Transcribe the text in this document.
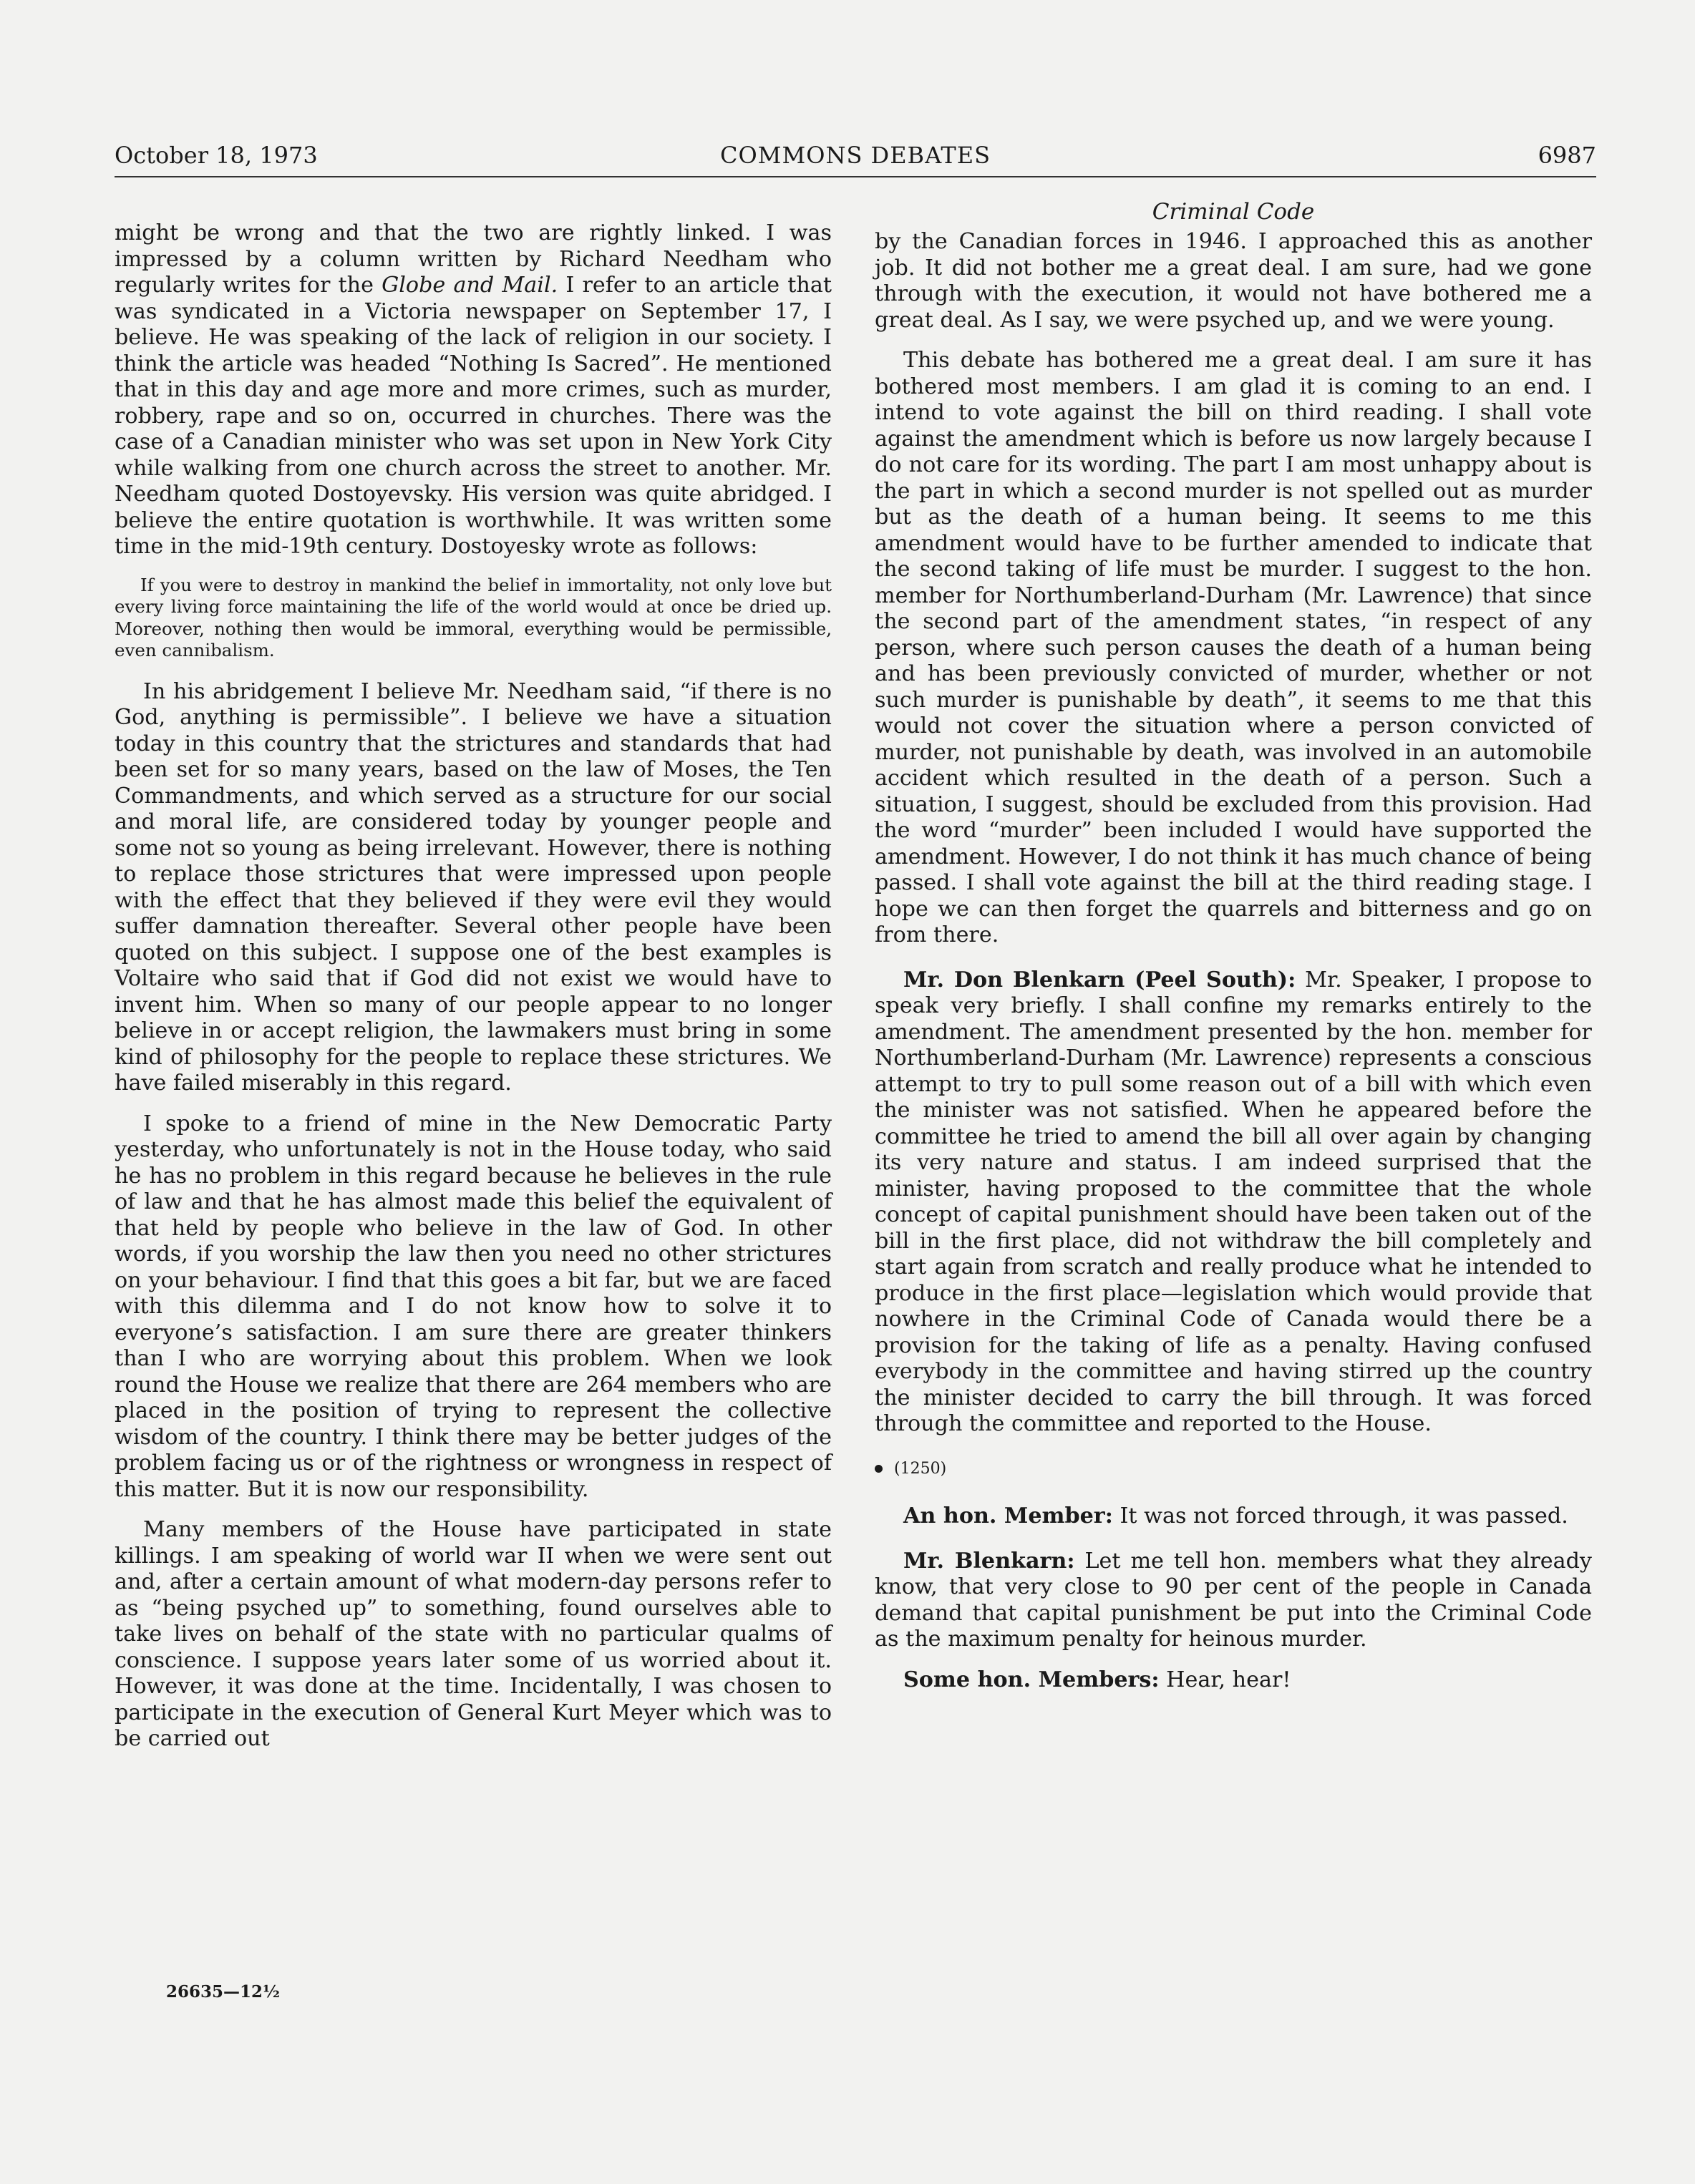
October 18, 1973	COMMONS DEBATES	6987

might be wrong and that the two are rightly linked. I was impressed by a column written by Richard Needham who regularly writes for the Globe and Mail. I refer to an article that was syndicated in a Victoria newspaper on September 17, I believe. He was speaking of the lack of religion in our society. I think the article was headed “Nothing Is Sacred”. He mentioned that in this day and age more and more crimes, such as murder, robbery, rape and so on, occurred in churches. There was the case of a Canadian minister who was set upon in New York City while walking from one church across the street to another. Mr. Needham quoted Dostoyevsky. His version was quite abridged. I believe the entire quotation is worthwhile. It was written some time in the mid-19th century. Dostoyesky wrote as follows:

If you were to destroy in mankind the belief in immortality, not only love but every living force maintaining the life of the world would at once be dried up. Moreover, nothing then would be immoral, everything would be permissible, even cannibalism.

In his abridgement I believe Mr. Needham said, “if there is no God, anything is permissible”. I believe we have a situation today in this country that the strictures and standards that had been set for so many years, based on the law of Moses, the Ten Commandments, and which served as a structure for our social and moral life, are considered today by younger people and some not so young as being irrelevant. However, there is nothing to replace those strictures that were impressed upon people with the effect that they believed if they were evil they would suffer damnation thereafter. Several other people have been quoted on this subject. I suppose one of the best examples is Voltaire who said that if God did not exist we would have to invent him. When so many of our people appear to no longer believe in or accept religion, the lawmakers must bring in some kind of philosophy for the people to replace these strictures. We have failed miserably in this regard.

I spoke to a friend of mine in the New Democratic Party yesterday, who unfortunately is not in the House today, who said he has no problem in this regard because he believes in the rule of law and that he has almost made this belief the equivalent of that held by people who believe in the law of God. In other words, if you worship the law then you need no other strictures on your behaviour. I find that this goes a bit far, but we are faced with this dilemma and I do not know how to solve it to everyone’s satisfaction. I am sure there are greater thinkers than I who are worrying about this problem. When we look round the House we realize that there are 264 members who are placed in the position of trying to represent the collective wisdom of the country. I think there may be better judges of the problem facing us or of the rightness or wrongness in respect of this matter. But it is now our responsibility.

Many members of the House have participated in state killings. I am speaking of world war II when we were sent out and, after a certain amount of what modern-day persons refer to as “being psyched up” to something, found ourselves able to take lives on behalf of the state with no particular qualms of conscience. I suppose years later some of us worried about it. However, it was done at the time. Incidentally, I was chosen to participate in the execution of General Kurt Meyer which was to be carried out

Criminal Code

by the Canadian forces in 1946. I approached this as another job. It did not bother me a great deal. I am sure, had we gone through with the execution, it would not have bothered me a great deal. As I say, we were psyched up, and we were young.

This debate has bothered me a great deal. I am sure it has bothered most members. I am glad it is coming to an end. I intend to vote against the bill on third reading. I shall vote against the amendment which is before us now largely because I do not care for its wording. The part I am most unhappy about is the part in which a second murder is not spelled out as murder but as the death of a human being. It seems to me this amendment would have to be further amended to indicate that the second taking of life must be murder. I suggest to the hon. member for Northumberland-Durham (Mr. Lawrence) that since the second part of the amendment states, “in respect of any person, where such person causes the death of a human being and has been previously convicted of murder, whether or not such murder is punishable by death”, it seems to me that this would not cover the situation where a person convicted of murder, not punishable by death, was involved in an automobile accident which resulted in the death of a person. Such a situation, I suggest, should be excluded from this provision. Had the word “murder” been included I would have supported the amendment. However, I do not think it has much chance of being passed. I shall vote against the bill at the third reading stage. I hope we can then forget the quarrels and bitterness and go on from there.

Mr. Don Blenkarn (Peel South): Mr. Speaker, I propose to speak very briefly. I shall confine my remarks entirely to the amendment. The amendment presented by the hon. member for Northumberland-Durham (Mr. Lawrence) represents a conscious attempt to try to pull some reason out of a bill with which even the minister was not satisfied. When he appeared before the committee he tried to amend the bill all over again by changing its very nature and status. I am indeed surprised that the minister, having proposed to the committee that the whole concept of capital punishment should have been taken out of the bill in the first place, did not withdraw the bill completely and start again from scratch and really produce what he intended to produce in the first place—legislation which would provide that nowhere in the Criminal Code of Canada would there be a provision for the taking of life as a penalty. Having confused everybody in the committee and having stirred up the country the minister decided to carry the bill through. It was forced through the committee and reported to the House.

(1250)

An hon. Member: It was not forced through, it was passed.

Mr. Blenkarn: Let me tell hon. members what they already know, that very close to 90 per cent of the people in Canada demand that capital punishment be put into the Criminal Code as the maximum penalty for heinous murder.

Some hon. Members: Hear, hear!

26635—12½
